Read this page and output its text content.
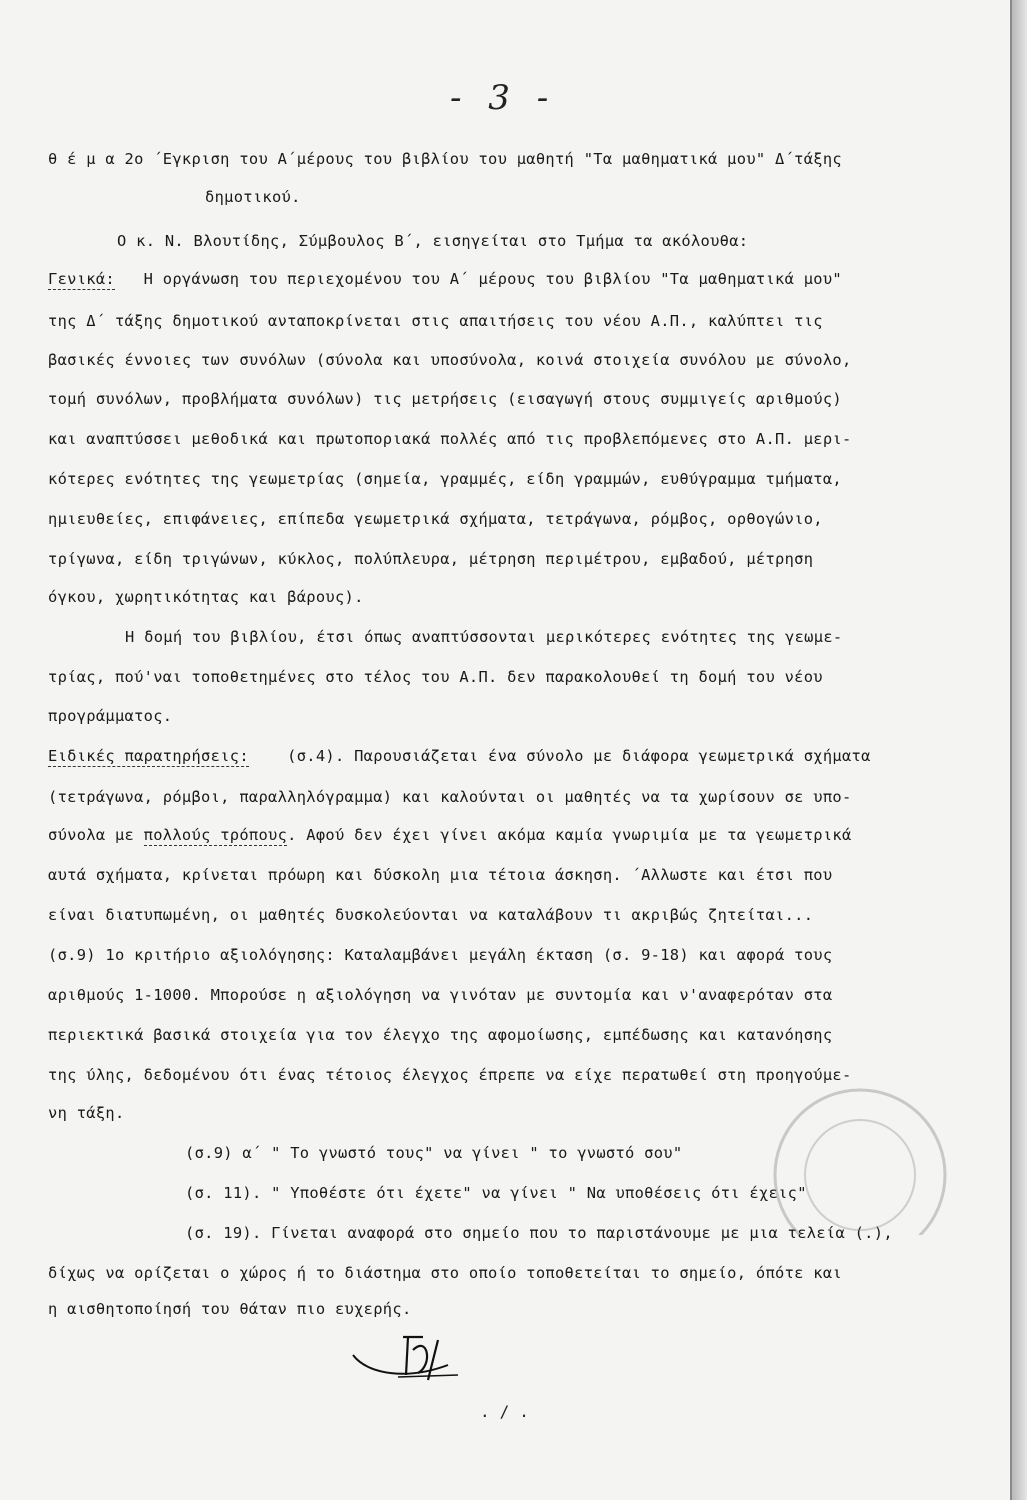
- 3 -
θ έ μ α 2ο ΄Εγκριση του Α΄μέρους του βιβλίου του μαθητή "Τα μαθηματικά μου" Δ΄τάξης
δημοτικού.
Ο κ. Ν. Βλουτίδης, Σύμβουλος Β΄, εισηγείται στο Τμήμα τα ακόλουθα:
Γενικά: Η οργάνωση του περιεχομένου του Α΄ μέρους του βιβλίου "Τα μαθηματικά μου"
της Δ΄ τάξης δημοτικού ανταποκρίνεται στις απαιτήσεις του νέου Α.Π., καλύπτει τις
βασικές έννοιες των συνόλων (σύνολα και υποσύνολα, κοινά στοιχεία συνόλου με σύνολο,
τομή συνόλων, προβλήματα συνόλων) τις μετρήσεις (εισαγωγή στους συμμιγείς αριθμούς)
και αναπτύσσει μεθοδικά και πρωτοποριακά πολλές από τις προβλεπόμενες στο Α.Π. μερι-
κότερες ενότητες της γεωμετρίας (σημεία, γραμμές, είδη γραμμών, ευθύγραμμα τμήματα,
ημιευθείες, επιφάνειες, επίπεδα γεωμετρικά σχήματα, τετράγωνα, ρόμβος, ορθογώνιο,
τρίγωνα, είδη τριγώνων, κύκλος, πολύπλευρα, μέτρηση περιμέτρου, εμβαδού, μέτρηση
όγκου, χωρητικότητας και βάρους).
Η δομή του βιβλίου, έτσι όπως αναπτύσσονται μερικότερες ενότητες της γεωμε-
τρίας, πού'ναι τοποθετημένες στο τέλος του Α.Π. δεν παρακολουθεί τη δομή του νέου
προγράμματος.
Ειδικές παρατηρήσεις: (σ.4). Παρουσιάζεται ένα σύνολο με διάφορα γεωμετρικά σχήματα
(τετράγωνα, ρόμβοι, παραλληλόγραμμα) και καλούνται οι μαθητές να τα χωρίσουν σε υπο-
σύνολα με πολλούς τρόπους. Αφού δεν έχει γίνει ακόμα καμία γνωριμία με τα γεωμετρικά
αυτά σχήματα, κρίνεται πρόωρη και δύσκολη μια τέτοια άσκηση. ΄Αλλωστε και έτσι που
είναι διατυπωμένη, οι μαθητές δυσκολεύονται να καταλάβουν τι ακριβώς ζητείται...
(σ.9) 1ο κριτήριο αξιολόγησης: Καταλαμβάνει μεγάλη έκταση (σ. 9-18) και αφορά τους
αριθμούς 1-1000. Μπορούσε η αξιολόγηση να γινόταν με συντομία και ν'αναφερόταν στα
περιεκτικά βασικά στοιχεία για τον έλεγχο της αφομοίωσης, εμπέδωσης και κατανόησης
της ύλης, δεδομένου ότι ένας τέτοιος έλεγχος έπρεπε να είχε περατωθεί στη προηγούμε-
νη τάξη.
(σ.9) α΄ " Το γνωστό τους" να γίνει " το γνωστό σου"
(σ. 11). " Υποθέστε ότι έχετε" να γίνει " Να υποθέσεις ότι έχεις"
(σ. 19). Γίνεται αναφορά στο σημείο που το παριστάνουμε με μια τελεία (.),
δίχως να ορίζεται ο χώρος ή το διάστημα στο οποίο τοποθετείται το σημείο, όπότε και
η αισθητοποίησή του θάταν πιο ευχερής.
./.
